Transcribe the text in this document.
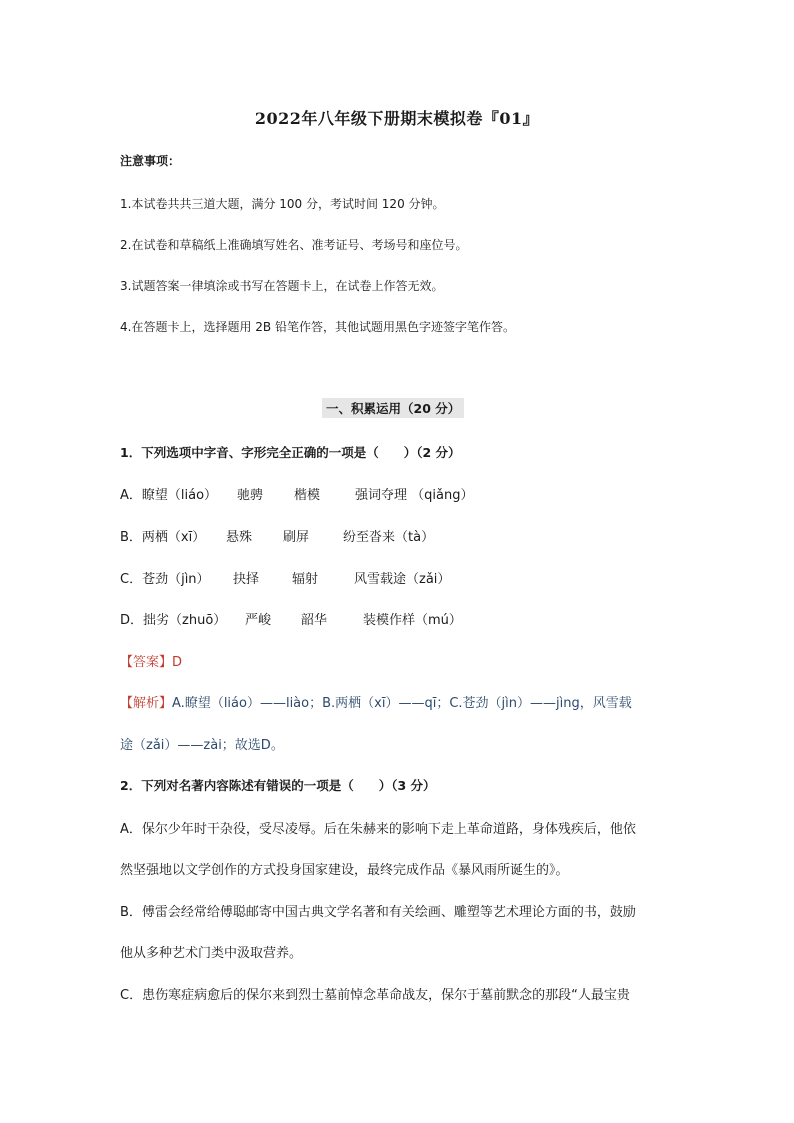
2022年八年级下册期末模拟卷『01』
注意事项：
1.本试卷共共三道大题，满分 100 分，考试时间 120 分钟。
2.在试卷和草稿纸上准确填写姓名、准考证号、考场号和座位号。
3.试题答案一律填涂或书写在答题卡上，在试卷上作答无效。
4.在答题卡上，选择题用 2B 铅笔作答，其他试题用黑色字迹签字笔作答。
一、积累运用（20 分）
1．下列选项中字音、字形完全正确的一项是（　　）（2 分）
A．瞭望（liáo） 驰骋 楷模	强词夺理 （qiǎng）
B．两栖（xī） 悬殊 刷屏	纷至沓来（tà）
C．苍劲（jìn） 抉择	辐射	风雪载途（zǎi）
D．拙劣（zhuō） 严峻 韶华	装模作样（mú）
【答案】D
【解析】A.瞭望（liáo）——liào；B.两栖（xī）——qī；C.苍劲（jìn）——jìng，风雪载
途（zǎi）——zài；故选D。
2．下列对名著内容陈述有错误的一项是（　　）（3 分）
A．保尔少年时干杂役，受尽凌辱。后在朱赫来的影响下走上革命道路，身体残疾后，他依
然坚强地以文学创作的方式投身国家建设，最终完成作品《暴风雨所诞生的》。
B．傅雷会经常给傅聪邮寄中国古典文学名著和有关绘画、雕塑等艺术理论方面的书，鼓励
他从多种艺术门类中汲取营养。
C．患伤寒症病愈后的保尔来到烈士墓前悼念革命战友，保尔于墓前默念的那段“人最宝贵
